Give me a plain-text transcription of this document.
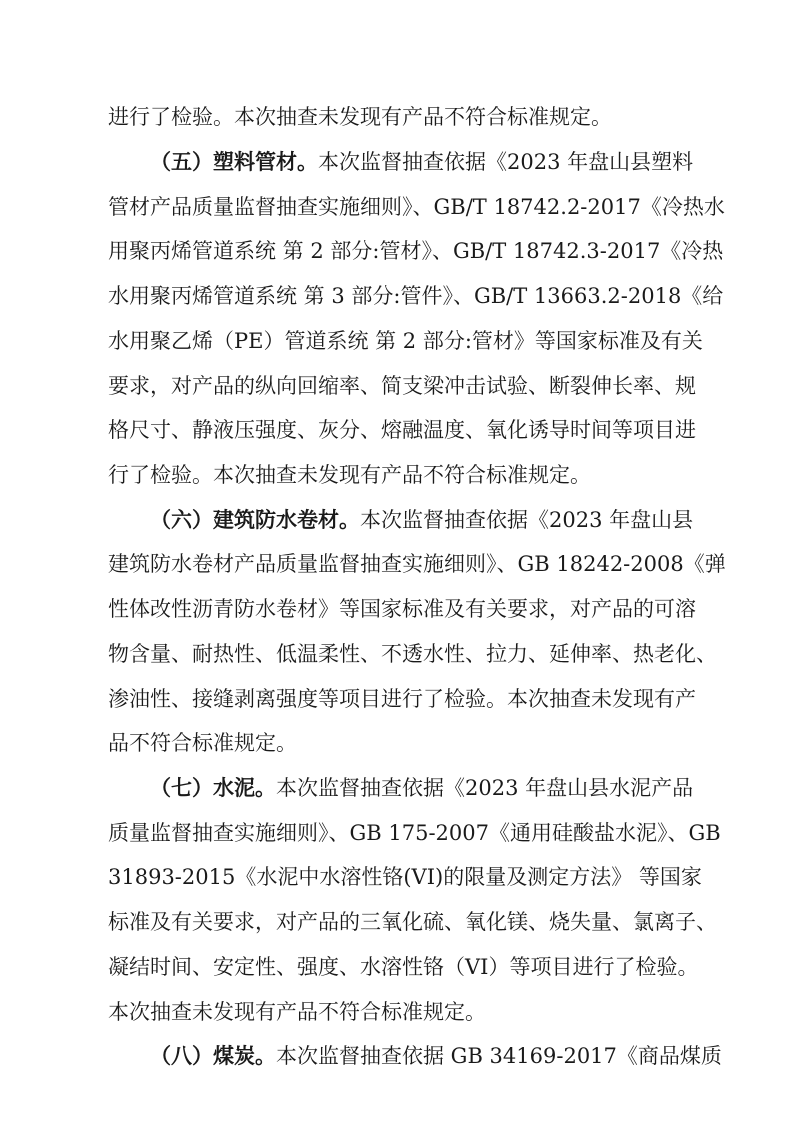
进行了检验。本次抽查未发现有产品不符合标准规定。
（五）塑料管材。本次监督抽查依据《2023 年盘山县塑料
管材产品质量监督抽查实施细则》、GB/T 18742.2-2017《冷热水
用聚丙烯管道系统 第 2 部分:管材》、GB/T 18742.3-2017《冷热
水用聚丙烯管道系统 第 3 部分:管件》、GB/T 13663.2-2018《给
水用聚乙烯（PE）管道系统 第 2 部分:管材》等国家标准及有关
要求，对产品的纵向回缩率、简支梁冲击试验、断裂伸长率、规
格尺寸、静液压强度、灰分、熔融温度、氧化诱导时间等项目进
行了检验。本次抽查未发现有产品不符合标准规定。
（六）建筑防水卷材。本次监督抽查依据《2023 年盘山县
建筑防水卷材产品质量监督抽查实施细则》、GB 18242-2008《弹
性体改性沥青防水卷材》等国家标准及有关要求，对产品的可溶
物含量、耐热性、低温柔性、不透水性、拉力、延伸率、热老化、
渗油性、接缝剥离强度等项目进行了检验。本次抽查未发现有产
品不符合标准规定。
（七）水泥。本次监督抽查依据《2023 年盘山县水泥产品
质量监督抽查实施细则》、GB 175-2007《通用硅酸盐水泥》、GB
31893-2015《水泥中水溶性铬(VI)的限量及测定方法》 等国家
标准及有关要求，对产品的三氧化硫、氧化镁、烧失量、氯离子、
凝结时间、安定性、强度、水溶性铬（VI）等项目进行了检验。
本次抽查未发现有产品不符合标准规定。
（八）煤炭。本次监督抽查依据 GB 34169-2017《商品煤质
